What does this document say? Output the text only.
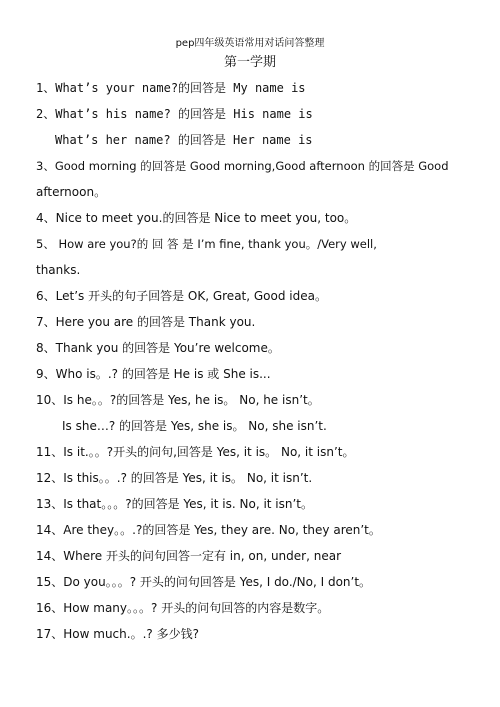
pep四年级英语常用对话问答整理
第一学期
1、What’s your name?的回答是 My name is
2、What’s his name? 的回答是 His name is
What’s her name? 的回答是 Her name is
3、Good morning 的回答是 Good morning,Good afternoon 的回答是 Good
afternoon。
4、Nice to meet you.的回答是 Nice to meet you, too。
5、 How are you?的 回 答 是 I’m fine, thank you。/Very well,
thanks.
6、Let’s 开头的句子回答是 OK, Great, Good idea。
7、Here you are 的回答是 Thank you.
8、Thank you 的回答是 You’re welcome。
9、Who is。.? 的回答是 He is 或 She is...
10、Is he。。?的回答是 Yes, he is。 No, he isn’t。
Is she…? 的回答是 Yes, she is。 No, she isn’t.
11、Is it.。。?开头的问句,回答是 Yes, it is。 No, it isn’t。
12、Is this。。.? 的回答是 Yes, it is。 No, it isn’t.
13、Is that。。。?的回答是 Yes, it is. No, it isn’t。
14、Are they。。.?的回答是 Yes, they are. No, they aren’t。
14、Where 开头的问句回答一定有 in, on, under, near
15、Do you。。。? 开头的问句回答是 Yes, I do./No, I don’t。
16、How many。。。? 开头的问句回答的内容是数字。
17、How much.。.? 多少钱?
